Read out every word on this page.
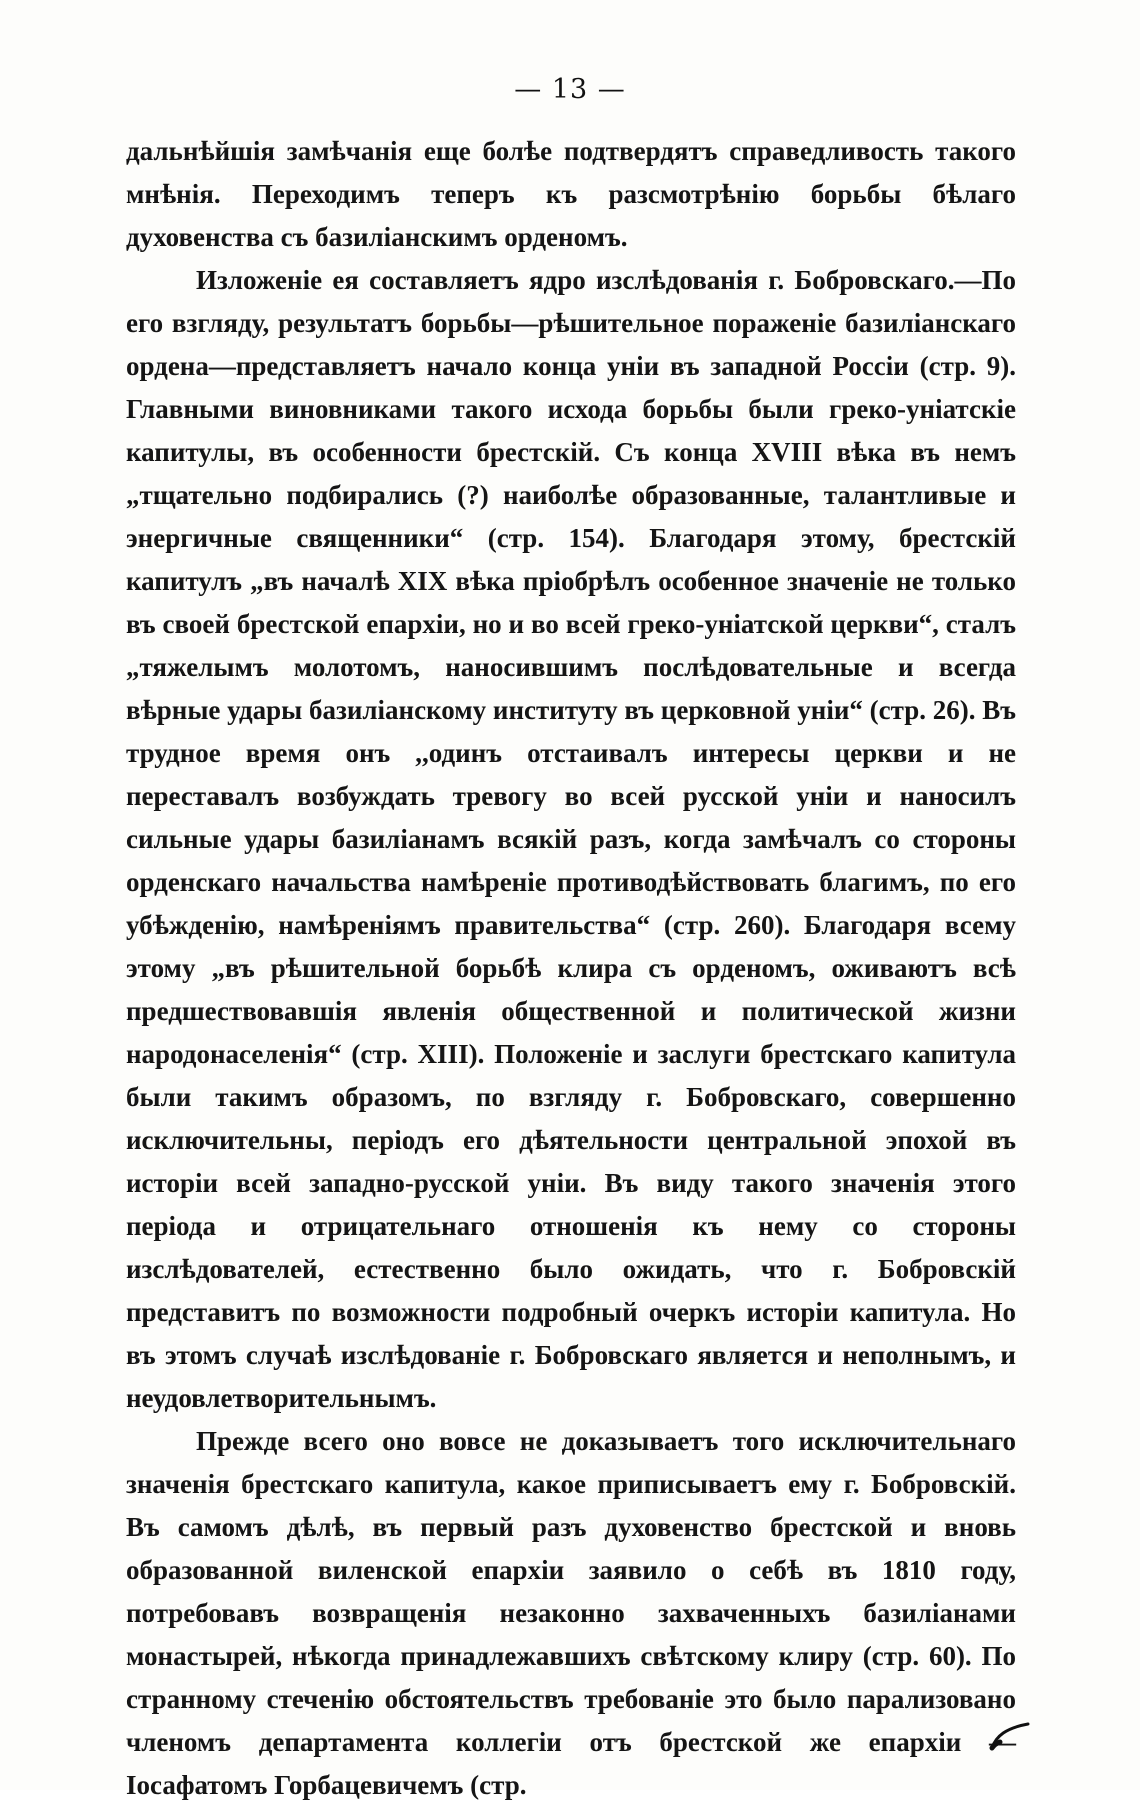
— 13 —

дальнѣйшія замѣчанія еще болѣе подтвердятъ справедливость такого мнѣнія. Переходимъ теперъ къ разсмотрѣнію борьбы бѣлаго духовенства съ базиліанскимъ орденомъ.

Изложеніе ея составляетъ ядро изслѣдованія г. Бобровскаго.—По его взгляду, результатъ борьбы—рѣшительное пораженіе базиліанскаго ордена—представляетъ начало конца уніи въ западной Россіи (стр. 9). Главными виновниками такого исхода борьбы были греко-уніатскіе капитулы, въ особенности брестскій. Съ конца XVIII вѣка въ немъ „тщательно подбирались (?) наиболѣе образованные, талантливые и энергичные священники“ (стр. 154). Благодаря этому, брестскій капитулъ „въ началѣ XIX вѣка пріобрѣлъ особенное значеніе не только въ своей брестской епархіи, но и во всей греко-уніатской церкви“, сталъ „тяжелымъ молотомъ, наносившимъ послѣдовательные и всегда вѣрные удары базиліанскому институту въ церковной уніи“ (стр. 26). Въ трудное время онъ ,,одинъ отстаивалъ интересы церкви и не переставалъ возбуждать тревогу во всей русской уніи и наносилъ сильные удары базиліанамъ всякій разъ, когда замѣчалъ со стороны орденскаго начальства намѣреніе противодѣйствовать благимъ, по его убѣжденію, намѣреніямъ правительства“ (стр. 260). Благодаря всему этому „въ рѣшительной борьбѣ клира съ орденомъ, оживаютъ всѣ предшествовавшія явленія общественной и политической жизни народонаселенія“ (стр. XIII). Положеніе и заслуги брестскаго капитула были такимъ образомъ, по взгляду г. Бобровскаго, совершенно исключительны, періодъ его дѣятельности центральной эпохой въ исторіи всей западно-русской уніи. Въ виду такого значенія этого періода и отрицательнаго отношенія къ нему со стороны изслѣдователей, естественно было ожидать, что г. Бобровскій представитъ по возможности подробный очеркъ исторіи капитула. Но въ этомъ случаѣ изслѣдованіе г. Бобровскаго является и неполнымъ, и неудовлетворительнымъ.

Прежде всего оно вовсе не доказываетъ того исключительнаго значенія брестскаго капитула, какое приписываетъ ему г. Бобровскій. Въ самомъ дѣлѣ, въ первый разъ духовенство брестской и вновь образованной виленской епархіи заявило о себѣ въ 1810 году, потребовавъ возвращенія незаконно захваченныхъ базиліанами монастырей, нѣкогда принадлежавшихъ свѣтскому клиру (стр. 60). По странному стеченію обстоятельствъ требованіе это было парализовано членомъ департамента коллегіи отъ брестской же епархіи — Іосафатомъ Горбацевичемъ (стр.
